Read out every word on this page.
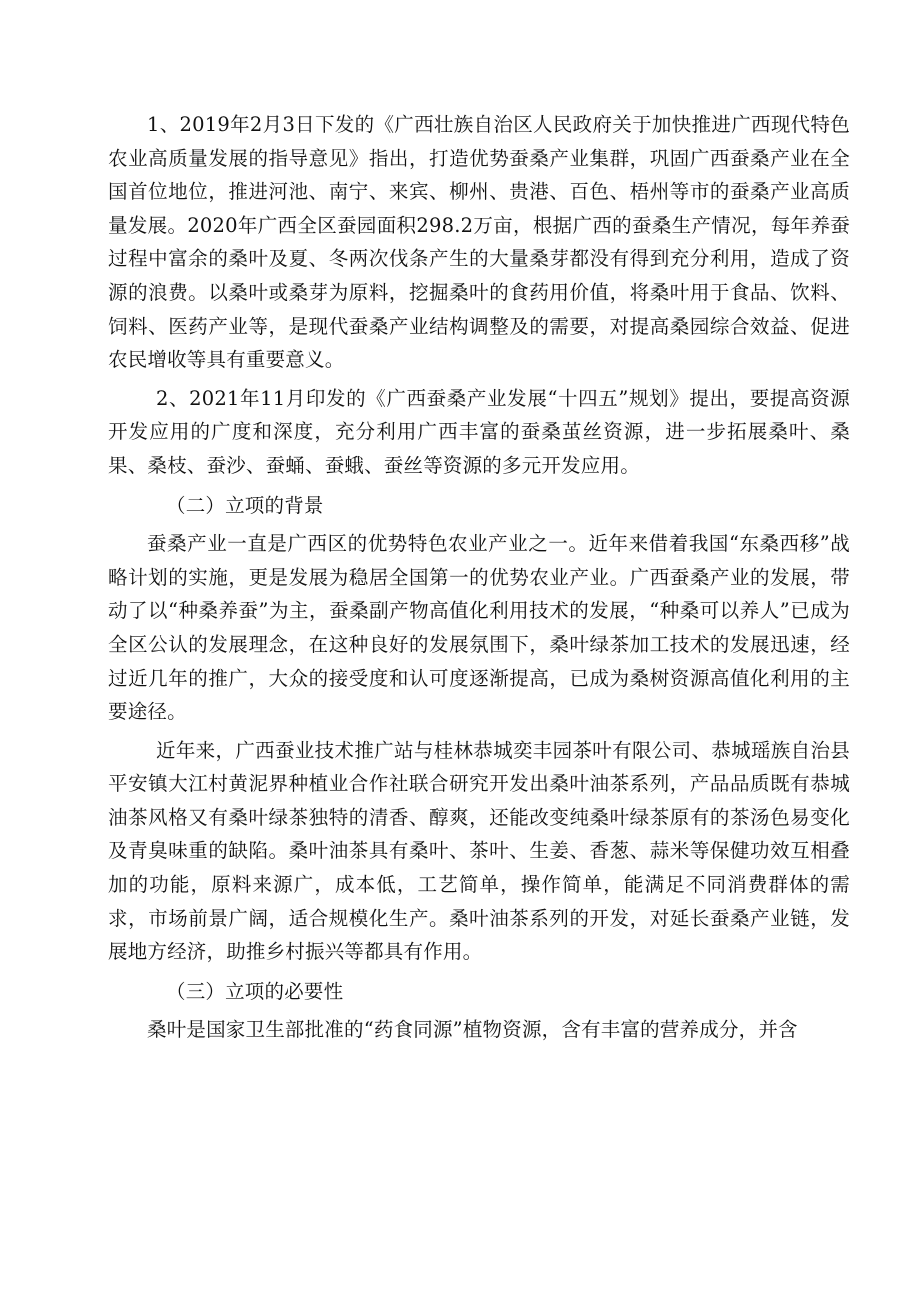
1、2019年2月3日下发的《广西壮族自治区人民政府关于加快推进广西现代特色农业高质量发展的指导意见》指出，打造优势蚕桑产业集群，巩固广西蚕桑产业在全国首位地位，推进河池、南宁、来宾、柳州、贵港、百色、梧州等市的蚕桑产业高质量发展。2020年广西全区蚕园面积298.2万亩，根据广西的蚕桑生产情况，每年养蚕过程中富余的桑叶及夏、冬两次伐条产生的大量桑芽都没有得到充分利用，造成了资源的浪费。以桑叶或桑芽为原料，挖掘桑叶的食药用价值，将桑叶用于食品、饮料、饲料、医药产业等，是现代蚕桑产业结构调整及的需要，对提高桑园综合效益、促进农民增收等具有重要意义。

2、2021年11月印发的《广西蚕桑产业发展“十四五”规划》提出，要提高资源开发应用的广度和深度，充分利用广西丰富的蚕桑茧丝资源，进一步拓展桑叶、桑果、桑枝、蚕沙、蚕蛹、蚕蛾、蚕丝等资源的多元开发应用。

（二）立项的背景

蚕桑产业一直是广西区的优势特色农业产业之一。近年来借着我国“东桑西移”战略计划的实施，更是发展为稳居全国第一的优势农业产业。广西蚕桑产业的发展，带动了以“种桑养蚕”为主，蚕桑副产物高值化利用技术的发展，“种桑可以养人”已成为全区公认的发展理念，在这种良好的发展氛围下，桑叶绿茶加工技术的发展迅速，经过近几年的推广，大众的接受度和认可度逐渐提高，已成为桑树资源高值化利用的主要途径。

近年来，广西蚕业技术推广站与桂林恭城奕丰园茶叶有限公司、恭城瑶族自治县平安镇大江村黄泥界种植业合作社联合研究开发出桑叶油茶系列，产品品质既有恭城油茶风格又有桑叶绿茶独特的清香、醇爽，还能改变纯桑叶绿茶原有的茶汤色易变化及青臭味重的缺陷。桑叶油茶具有桑叶、茶叶、生姜、香葱、蒜米等保健功效互相叠加的功能，原料来源广，成本低，工艺简单，操作简单，能满足不同消费群体的需求，市场前景广阔，适合规模化生产。桑叶油茶系列的开发，对延长蚕桑产业链，发展地方经济，助推乡村振兴等都具有作用。

（三）立项的必要性

桑叶是国家卫生部批准的“药食同源”植物资源，含有丰富的营养成分，并含
